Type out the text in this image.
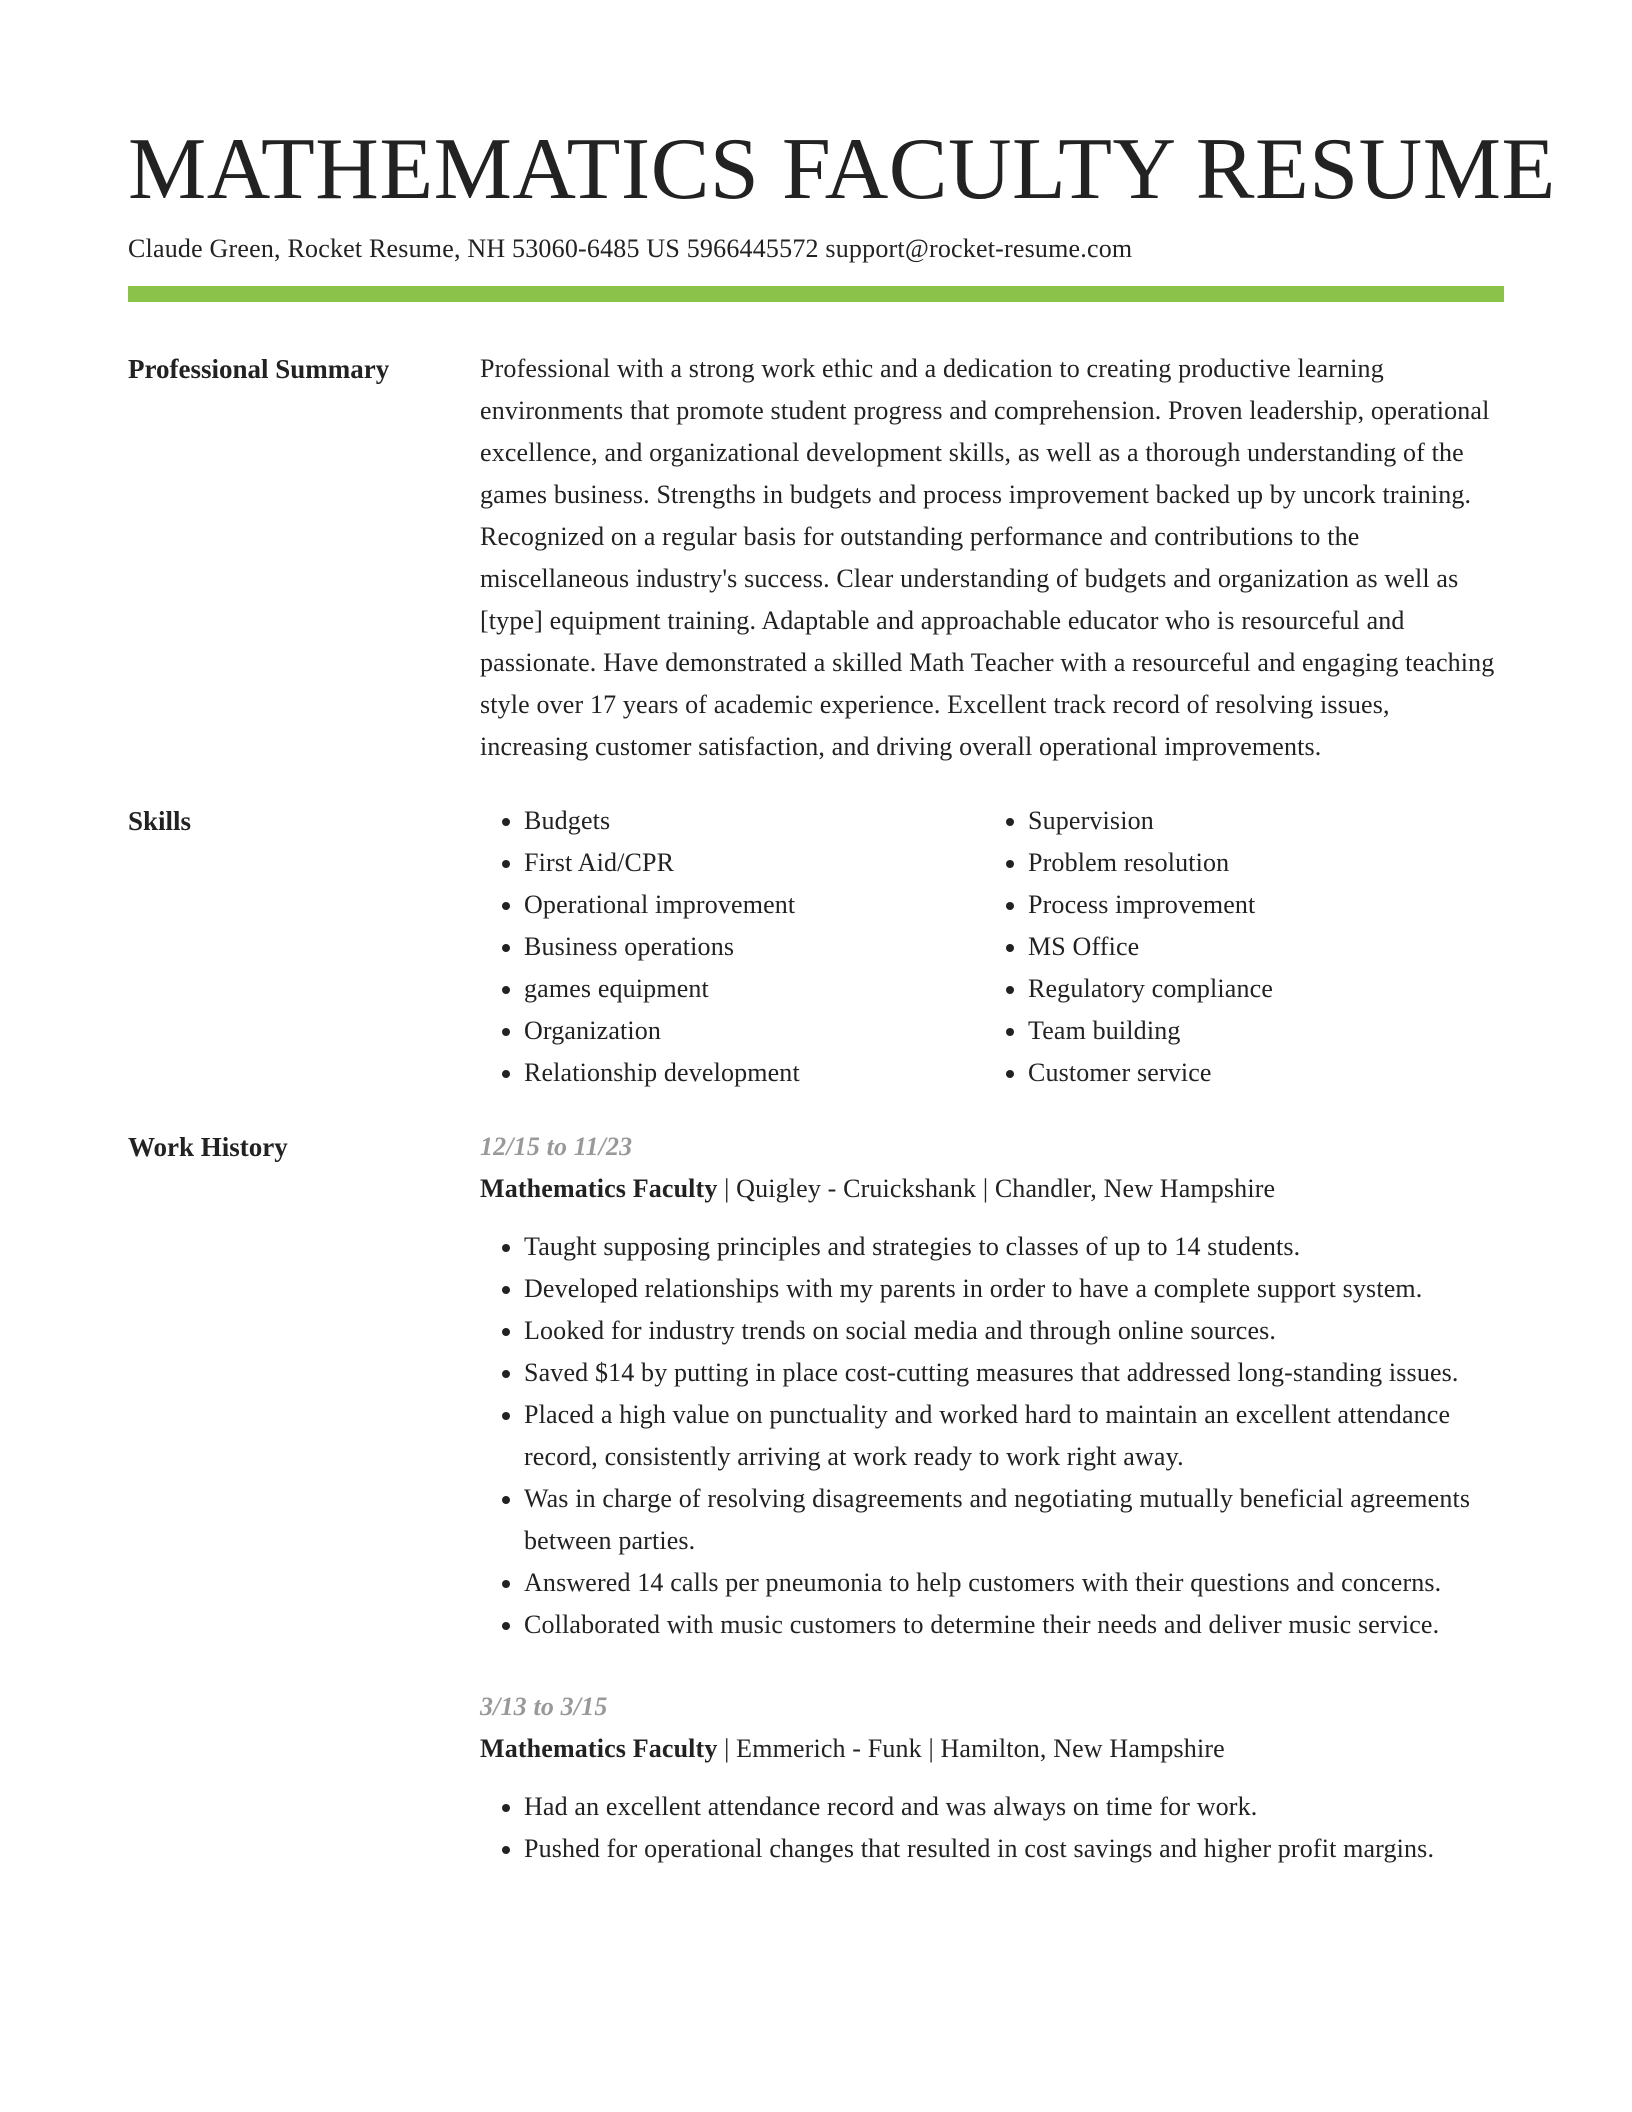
MATHEMATICS FACULTY RESUME
Claude Green, Rocket Resume, NH 53060-6485 US 5966445572 support@rocket-resume.com
Professional Summary	Professional with a strong work ethic and a dedication to creating productive learning environments that promote student progress and comprehension. Proven leadership, operational excellence, and organizational development skills, as well as a thorough understanding of the games business. Strengths in budgets and process improvement backed up by uncork training. Recognized on a regular basis for outstanding performance and contributions to the miscellaneous industry's success. Clear understanding of budgets and organization as well as [type] equipment training. Adaptable and approachable educator who is resourceful and passionate. Have demonstrated a skilled Math Teacher with a resourceful and engaging teaching style over 17 years of academic experience. Excellent track record of resolving issues, increasing customer satisfaction, and driving overall operational improvements.

Skills
•	Budgets
• First Aid/CPR
• Operational improvement
• Business operations
• games equipment
• Organization
• Relationship development
• Supervision
• Problem resolution
• Process improvement
• MS Office
• Regulatory compliance
• Team building
• Customer service
Work History	12/15 to 11/23
Mathematics Faculty | Quigley - Cruickshank | Chandler, New Hampshire
• Taught supposing principles and strategies to classes of up to 14 students.
• Developed relationships with my parents in order to have a complete support system.
• Looked for industry trends on social media and through online sources.
• Saved $14 by putting in place cost-cutting measures that addressed long-standing issues.
• Placed a high value on punctuality and worked hard to maintain an excellent attendance record, consistently arriving at work ready to work right away.
• Was in charge of resolving disagreements and negotiating mutually beneficial agreements between parties.
• Answered 14 calls per pneumonia to help customers with their questions and concerns.
• Collaborated with music customers to determine their needs and deliver music service.
3/13 to 3/15
Mathematics Faculty | Emmerich - Funk | Hamilton, New Hampshire
• Had an excellent attendance record and was always on time for work.
• Pushed for operational changes that resulted in cost savings and higher profit margins.
